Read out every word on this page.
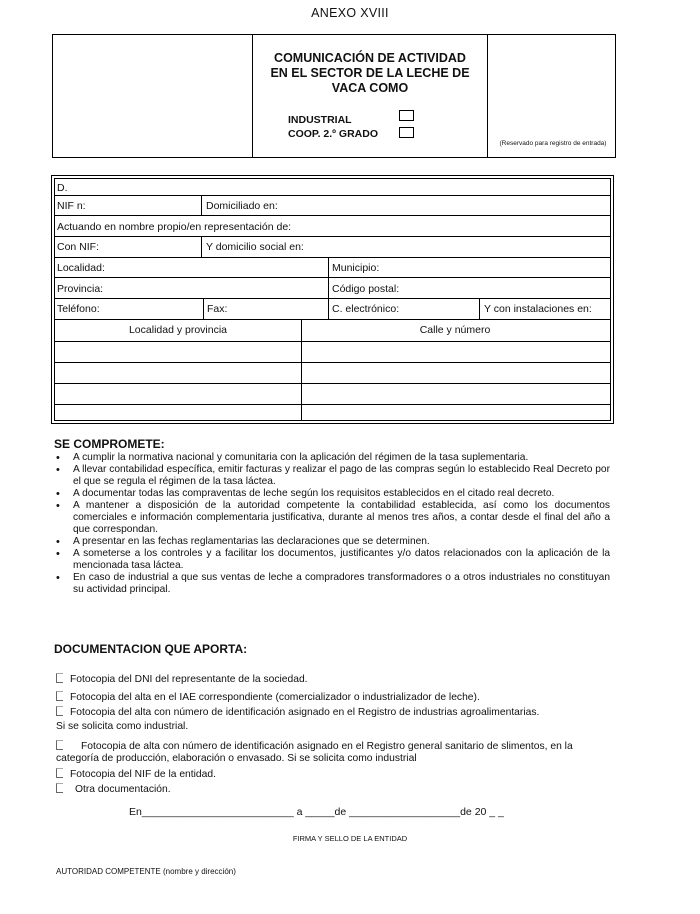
ANEXO XVIII
COMUNICACIÓN DE ACTIVIDAD
EN EL SECTOR DE LA LECHE DE
VACA COMO
INDUSTRIAL
COOP. 2.º GRADO
(Reservado para registro de entrada)
D.
NIF n:	Domiciliado en:
Actuando en nombre propio/en representación de:
Con NIF:	Y domicilio social en:
Localidad:	Municipio:
Provincia:	Código postal:
Teléfono:	Fax:	C. electrónico:	Y con instalaciones en:
Localidad y provincia	Calle y número
SE COMPROMETE:
• A cumplir la normativa nacional y comunitaria con la aplicación del régimen de la tasa suplementaria.
• A llevar contabilidad específica, emitir facturas y realizar el pago de las compras según lo establecido Real Decreto por el que se regula el régimen de la tasa láctea.
• A documentar todas las compraventas de leche según los requisitos establecidos en el citado real decreto.
• A mantener a disposición de la autoridad competente la contabilidad establecida, así como los documentos comerciales e información complementaria justificativa, durante al menos tres años, a contar desde el final del año a que correspondan.
• A presentar en las fechas reglamentarias las declaraciones que se determinen.
• A someterse a los controles y a facilitar los documentos, justificantes y/o datos relacionados con la aplicación de la mencionada tasa láctea.
• En caso de industrial a que sus ventas de leche a compradores transformadores o a otros industriales no constituyan su actividad principal.
DOCUMENTACION QUE APORTA:
Fotocopia del DNI del representante de la sociedad.
Fotocopia del alta en el IAE correspondiente (comercializador o industrializador de leche).
Fotocopia del alta con número de identificación asignado en el Registro de industrias agroalimentarias.
Si se solicita como industrial.
Fotocopia de alta con número de identificación asignado en el Registro general sanitario de slimentos, en la
categoría de producción, elaboración o envasado. Si se solicita como industrial
Fotocopia del NIF de la entidad.
Otra documentación.
En__________________________ a _____de ___________________de 20 _ _
FIRMA Y SELLO DE LA ENTIDAD
AUTORIDAD COMPETENTE (nombre y dirección)
